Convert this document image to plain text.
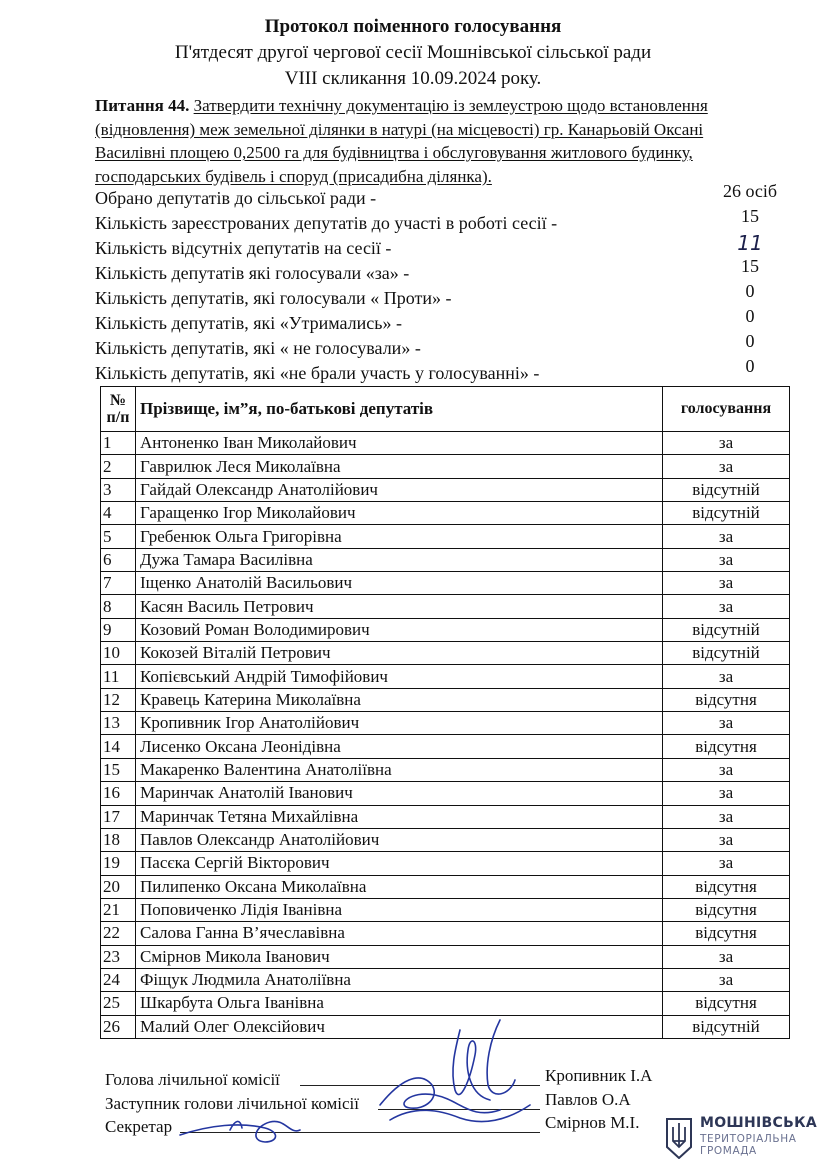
Протокол поіменного голосування
П'ятдесят другої чергової сесії Мошнівської сільської ради
VIII скликання 10.09.2024 року.
Питання 44. Затвердити технічну документацію із землеустрою щодо встановлення (відновлення) меж земельної ділянки в натурі (на місцевості) гр. Канарьовій Оксані Василівні площею 0,2500 га для будівництва і обслуговування житлового будинку, господарських будівель і споруд (присадибна ділянка).
Обрано депутатів до сільської ради -	26 осіб
Кількість зареєстрованих депутатів до участі в роботі сесії -	15
Кількість відсутніх депутатів на сесії -	11
Кількість депутатів які голосували «за» -	15
Кількість депутатів, які голосували « Проти» -	0
Кількість депутатів, які «Утримались» -	0
Кількість депутатів, які « не голосували» -	0
Кількість депутатів, які «не брали участь у голосуванні» -	0
№ п/п	Прізвище, ім”я, по-батькові депутатів	голосування
1	Антоненко Іван Миколайович	за
2	Гаврилюк Леся Миколаївна	за
3	Гайдай Олександр Анатолійович	відсутній
4	Гаращенко Ігор Миколайович	відсутній
5	Гребенюк Ольга Григорівна	за
6	Дужа Тамара Василівна	за
7	Іщенко Анатолій Васильович	за
8	Касян Василь Петрович	за
9	Козовий Роман Володимирович	відсутній
10	Кокозей Віталій Петрович	відсутній
11	Копієвський Андрій Тимофійович	за
12	Кравець Катерина Миколаївна	відсутня
13	Кропивник Ігор Анатолійович	за
14	Лисенко Оксана Леонідівна	відсутня
15	Макаренко Валентина Анатоліївна	за
16	Маринчак Анатолій Іванович	за
17	Маринчак Тетяна Михайлівна	за
18	Павлов Олександр Анатолійович	за
19	Пасєка Сергій Вікторович	за
20	Пилипенко Оксана Миколаївна	відсутня
21	Поповиченко Лідія Іванівна	відсутня
22	Салова Ганна В’ячеславівна	відсутня
23	Смірнов Микола Іванович	за
24	Фіщук Людмила Анатоліївна	за
25	Шкарбута Ольга Іванівна	відсутня
26	Малий Олег Олексійович	відсутній
Голова лічильної комісії	Кропивник І.А
Заступник голови лічильної комісії	Павлов О.А
Секретар	Смірнов М.І.	МОШНІВСЬКА
ТЕРИТОРІАЛЬНА
ГРОМАДА
